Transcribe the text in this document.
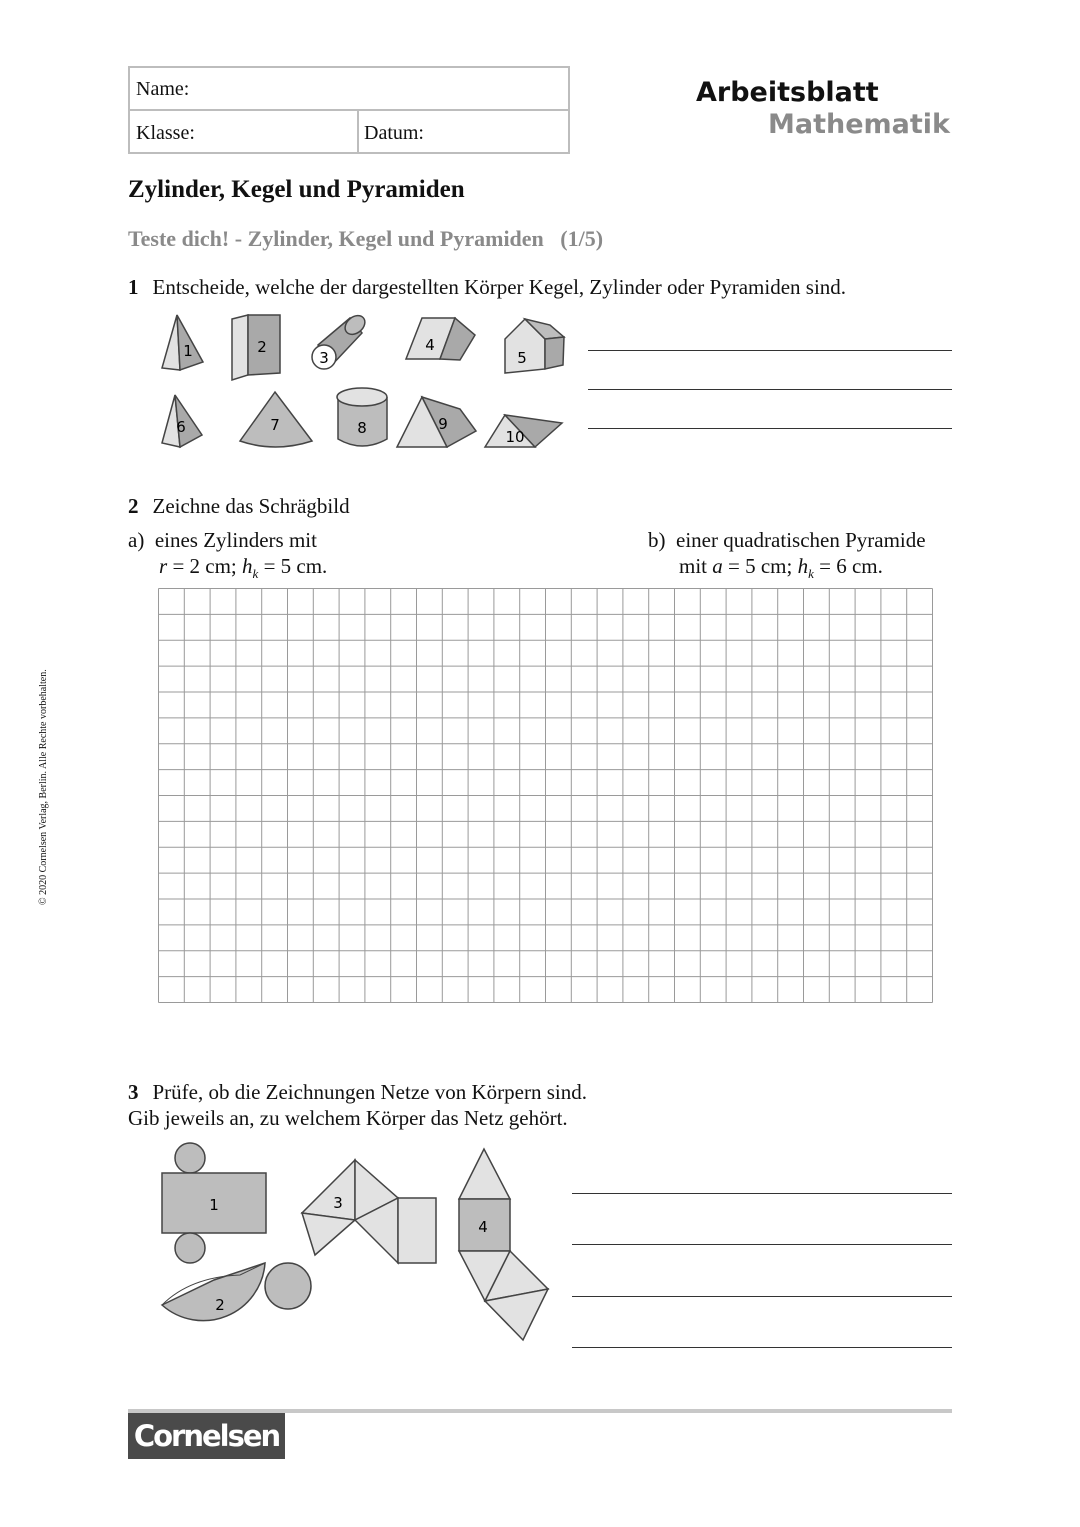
Name:
Klasse:	Datum:
Arbeitsblatt
Mathematik
Zylinder, Kegel und Pyramiden
Teste dich! - Zylinder, Kegel und Pyramiden (1/5)
1 Entscheide, welche der dargestellten Körper Kegel, Zylinder oder Pyramiden sind.
1	2
3
4
5
6	7	8	9
10
2 Zeichne das Schrägbild
a) eines Zylinders mit
r = 2 cm; $h_k = 5$ cm.
b) einer quadratischen Pyramide
mit a = 5 cm; $h_k = 6$ cm.
3 Prüfe, ob die Zeichnungen Netze von Körpern sind.
Gib jeweils an, zu welchem Körper das Netz gehört.
1
2
3
4
© 2020 Cornelsen Verlag, Berlin. Alle Rechte vorbehalten.
Cornelsen
